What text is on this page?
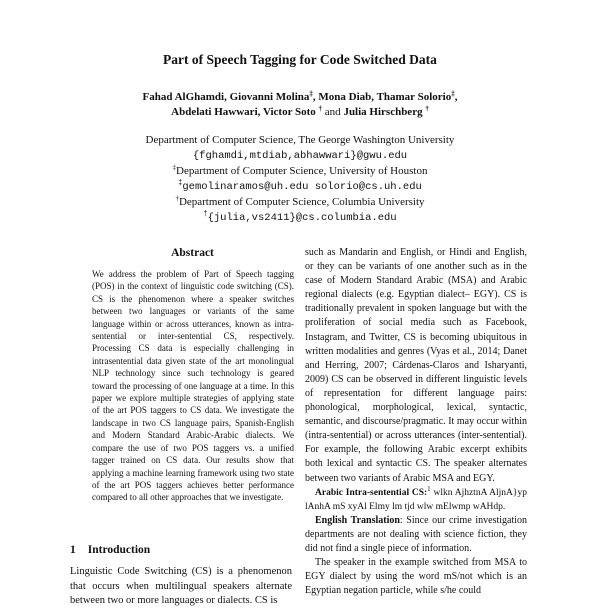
Part of Speech Tagging for Code Switched Data
Fahad AlGhamdi, Giovanni Molina‡, Mona Diab, Thamar Solorio‡,
Abdelati Hawwari, Victor Soto † and Julia Hirschberg †
Department of Computer Science, The George Washington University
{fghamdi,mtdiab,abhawwari}@gwu.edu
‡Department of Computer Science, University of Houston
‡gemolinaramos@uh.edu solorio@cs.uh.edu
†Department of Computer Science, Columbia University
†{julia,vs2411}@cs.columbia.edu
Abstract
We address the problem of Part of Speech tagging (POS) in the context of linguistic code switching (CS). CS is the phenomenon where a speaker switches between two languages or variants of the same language within or across utterances, known as intra-sentential or inter-sentential CS, respectively. Processing CS data is especially challenging in intrasentential data given state of the art monolingual NLP technology since such technology is geared toward the processing of one language at a time. In this paper we explore multiple strategies of applying state of the art POS taggers to CS data. We investigate the landscape in two CS language pairs, Spanish-English and Modern Standard Arabic-Arabic dialects. We compare the use of two POS taggers vs. a unified tagger trained on CS data. Our results show that applying a machine learning framework using two state of the art POS taggers achieves better performance compared to all other approaches that we investigate.
1 Introduction
Linguistic Code Switching (CS) is a phenomenon that occurs when multilingual speakers alternate between two or more languages or dialects. CS is

such as Mandarin and English, or Hindi and English, or they can be variants of one another such as in the case of Modern Standard Arabic (MSA) and Arabic regional dialects (e.g. Egyptian dialect– EGY). CS is traditionally prevalent in spoken language but with the proliferation of social media such as Facebook, Instagram, and Twitter, CS is becoming ubiquitous in written modalities and genres (Vyas et al., 2014; Danet and Herring, 2007; Cárdenas-Claros and Isharyanti, 2009) CS can be observed in different linguistic levels of representation for different language pairs: phonological, morphological, lexical, syntactic, semantic, and discourse/pragmatic. It may occur within (intra-sentential) or across utterances (inter-sentential). For example, the following Arabic excerpt exhibits both lexical and syntactic CS. The speaker alternates between two variants of Arabic MSA and EGY.

Arabic Intra-sentential CS:$^1$ wlkn AjhztnA AljnA}yp lAnhA mS xyAl Elmy lm tjd wlw mElwmp wAHdp.

English Translation: Since our crime investigation departments are not dealing with science fiction, they did not find a single piece of information.

The speaker in the example switched from MSA to EGY dialect by using the word mS/not which is an Egyptian negation particle, while s/he could
